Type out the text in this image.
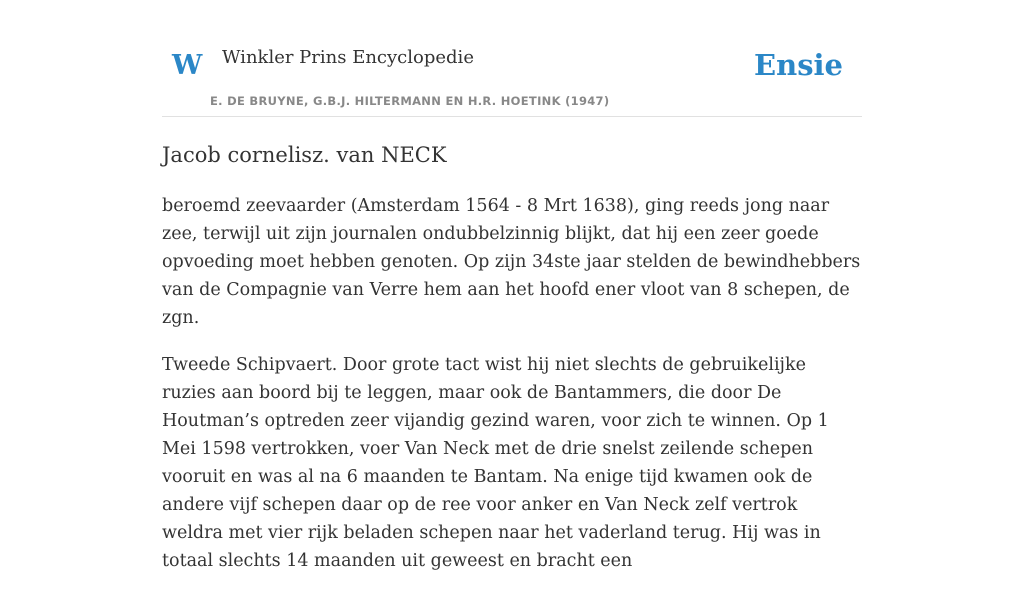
W Winkler Prins Encyclopedie
E. DE BRUYNE, G.B.J. HILTERMANN EN H.R. HOETINK (1947)
Ensie
Jacob cornelisz. van NECK

beroemd zeevaarder (Amsterdam 1564 - 8 Mrt 1638), ging reeds jong naar zee, terwijl uit zijn journalen ondubbelzinnig blijkt, dat hij een zeer goede opvoeding moet hebben genoten. Op zijn 34ste jaar stelden de bewindhebbers van de Compagnie van Verre hem aan het hoofd ener vloot van 8 schepen, de zgn.

Tweede Schipvaert. Door grote tact wist hij niet slechts de gebruikelijke ruzies aan boord bij te leggen, maar ook de Bantammers, die door De Houtman’s optreden zeer vijandig gezind waren, voor zich te winnen. Op 1 Mei 1598 vertrokken, voer Van Neck met de drie snelst zeilende schepen vooruit en was al na 6 maanden te Bantam. Na enige tijd kwamen ook de andere vijf schepen daar op de ree voor anker en Van Neck zelf vertrok weldra met vier rijk beladen schepen naar het vaderland terug. Hij was in totaal slechts 14 maanden uit geweest en bracht een
